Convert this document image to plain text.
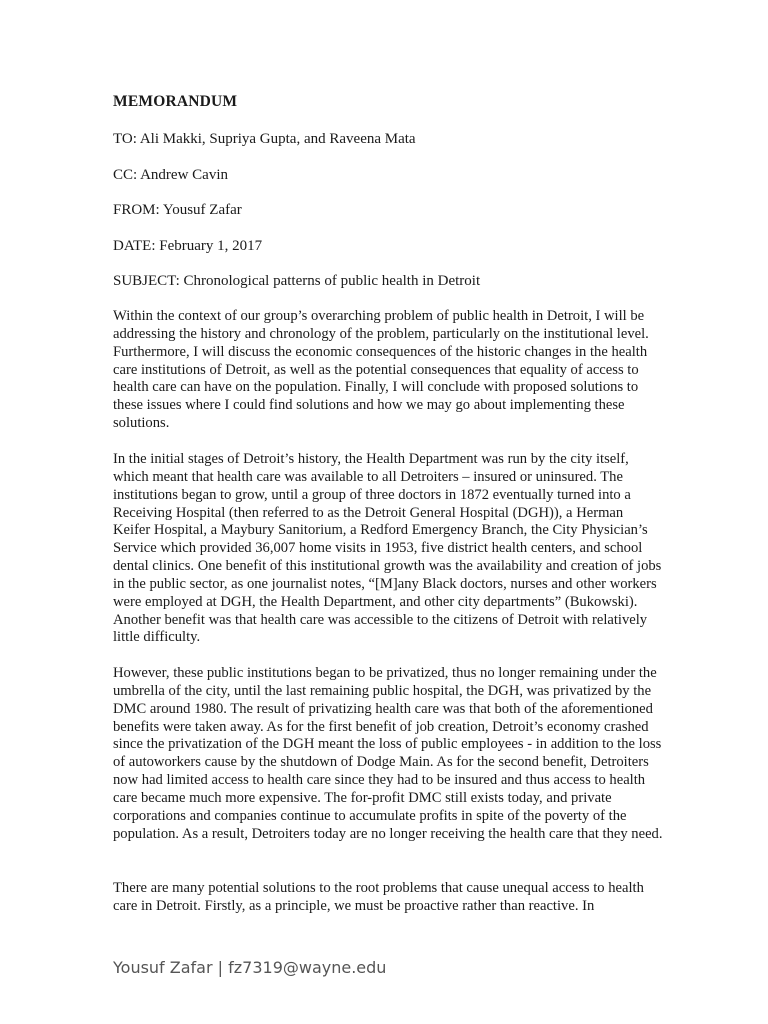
MEMORANDUM
TO: Ali Makki, Supriya Gupta, and Raveena Mata
CC: Andrew Cavin
FROM: Yousuf Zafar
DATE: February 1, 2017
SUBJECT: Chronological patterns of public health in Detroit
Within the context of our group’s overarching problem of public health in Detroit, I will be addressing the history and chronology of the problem, particularly on the institutional level. Furthermore, I will discuss the economic consequences of the historic changes in the health care institutions of Detroit, as well as the potential consequences that equality of access to health care can have on the population. Finally, I will conclude with proposed solutions to these issues where I could find solutions and how we may go about implementing these solutions.
In the initial stages of Detroit’s history, the Health Department was run by the city itself, which meant that health care was available to all Detroiters – insured or uninsured. The institutions began to grow, until a group of three doctors in 1872 eventually turned into a Receiving Hospital (then referred to as the Detroit General Hospital (DGH)), a Herman Keifer Hospital, a Maybury Sanitorium, a Redford Emergency Branch, the City Physician’s Service which provided 36,007 home visits in 1953, five district health centers, and school dental clinics. One benefit of this institutional growth was the availability and creation of jobs in the public sector, as one journalist notes, “[M]any Black doctors, nurses and other workers were employed at DGH, the Health Department, and other city departments” (Bukowski). Another benefit was that health care was accessible to the citizens of Detroit with relatively little difficulty.
However, these public institutions began to be privatized, thus no longer remaining under the umbrella of the city, until the last remaining public hospital, the DGH, was privatized by the DMC around 1980. The result of privatizing health care was that both of the aforementioned benefits were taken away. As for the first benefit of job creation, Detroit’s economy crashed since the privatization of the DGH meant the loss of public employees - in addition to the loss of autoworkers cause by the shutdown of Dodge Main. As for the second benefit, Detroiters now had limited access to health care since they had to be insured and thus access to health care became much more expensive. The for-profit DMC still exists today, and private corporations and companies continue to accumulate profits in spite of the poverty of the population. As a result, Detroiters today are no longer receiving the health care that they need.
There are many potential solutions to the root problems that cause unequal access to health care in Detroit. Firstly, as a principle, we must be proactive rather than reactive. In
Yousuf Zafar | fz7319@wayne.edu
